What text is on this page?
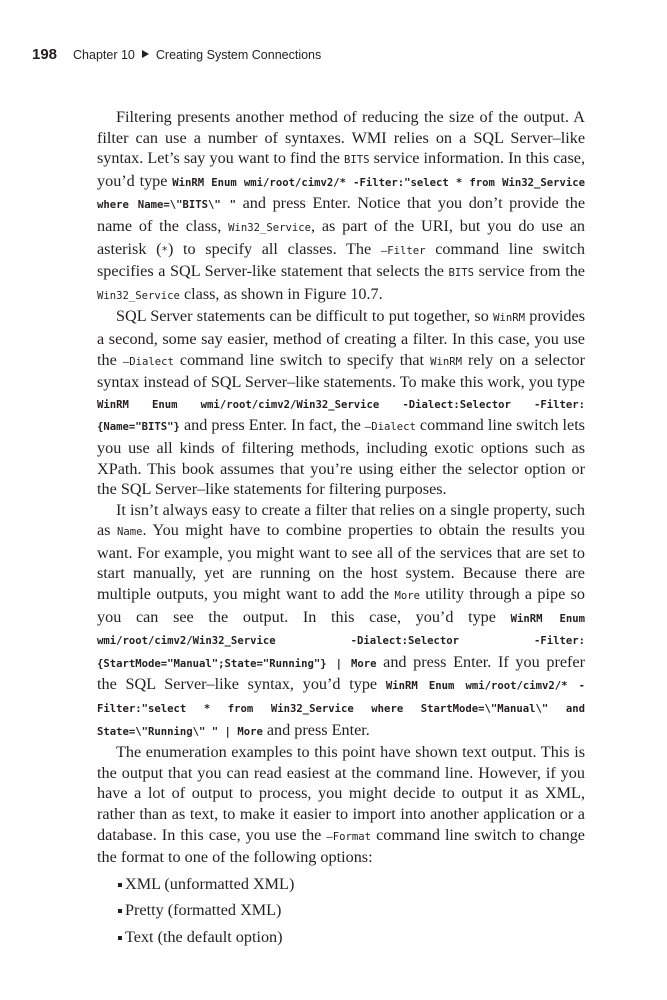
198 Chapter 10 Creating System Connections

Filtering presents another method of reducing the size of the output. A filter can use a number of syntaxes. WMI relies on a SQL Server–like syntax. Let’s say you want to find the BITS service information. In this case, you’d type WinRM Enum wmi/root/cimv2/* -Filter:"select * from Win32_Service where Name=\"BITS\" " and press Enter. Notice that you don’t provide the name of the class, Win32_Service, as part of the URI, but you do use an asterisk (*) to specify all classes. The –Filter command line switch specifies a SQL Server-like statement that selects the BITS service from the Win32_Service class, as shown in Figure 10.7.

SQL Server statements can be difficult to put together, so WinRM provides a second, some say easier, method of creating a filter. In this case, you use the –Dialect command line switch to specify that WinRM rely on a selector syntax instead of SQL Server–like statements. To make this work, you type WinRM Enum wmi/root/cimv2/Win32_Service -Dialect:Selector -Filter:{Name="BITS"} and press Enter. In fact, the –Dialect command line switch lets you use all kinds of filtering methods, including exotic options such as XPath. This book assumes that you’re using either the selector option or the SQL Server–like statements for filtering purposes.

It isn’t always easy to create a filter that relies on a single property, such as Name. You might have to combine properties to obtain the results you want. For example, you might want to see all of the services that are set to start manually, yet are running on the host system. Because there are multiple outputs, you might want to add the More utility through a pipe so you can see the output. In this case, you’d type WinRM Enum wmi/root/cimv2/Win32_Service -Dialect:Selector -Filter:{StartMode="Manual";State="Running"} | More and press Enter. If you prefer the SQL Server–like syntax, you’d type WinRM Enum wmi/root/cimv2/* -Filter:"select * from Win32_Service where StartMode=\"Manual\" and State=\"Running\" " | More and press Enter.

The enumeration examples to this point have shown text output. This is the output that you can read easiest at the command line. However, if you have a lot of output to process, you might decide to output it as XML, rather than as text, to make it easier to import into another application or a database. In this case, you use the –Format command line switch to change the format to one of the following options:

XML (unformatted XML)
Pretty (formatted XML)
Text (the default option)
